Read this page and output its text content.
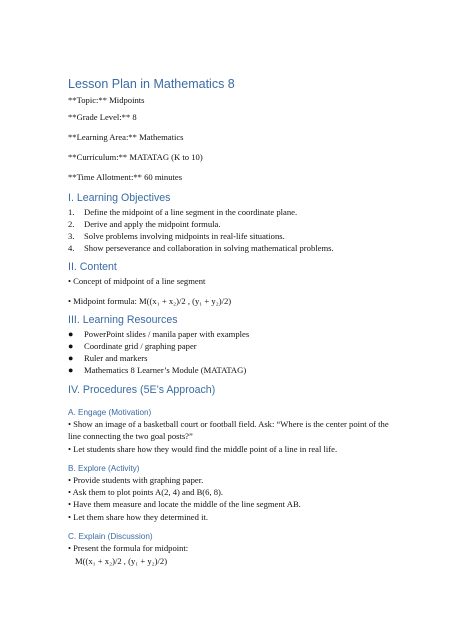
Lesson Plan in Mathematics 8
**Topic:** Midpoints
**Grade Level:** 8
**Learning Area:** Mathematics
**Curriculum:** MATATAG (K to 10)
**Time Allotment:** 60 minutes
I. Learning Objectives
1. Define the midpoint of a line segment in the coordinate plane.
2. Derive and apply the midpoint formula.
3. Solve problems involving midpoints in real-life situations.
4. Show perseverance and collaboration in solving mathematical problems.
II. Content
• Concept of midpoint of a line segment
• Midpoint formula: M((x₁ + x₂)/2 , (y₁ + y₂)/2)
III. Learning Resources
● PowerPoint slides / manila paper with examples
● Coordinate grid / graphing paper
● Ruler and markers
● Mathematics 8 Learner’s Module (MATATAG)
IV. Procedures (5E’s Approach)
A. Engage (Motivation)
• Show an image of a basketball court or football field. Ask: “Where is the center point of the
line connecting the two goal posts?”
• Let students share how they would find the middle point of a line in real life.
B. Explore (Activity)
• Provide students with graphing paper.
• Ask them to plot points A(2, 4) and B(6, 8).
• Have them measure and locate the middle of the line segment AB.
• Let them share how they determined it.
C. Explain (Discussion)
• Present the formula for midpoint:
M((x₁ + x₂)/2 , (y₁ + y₂)/2)
